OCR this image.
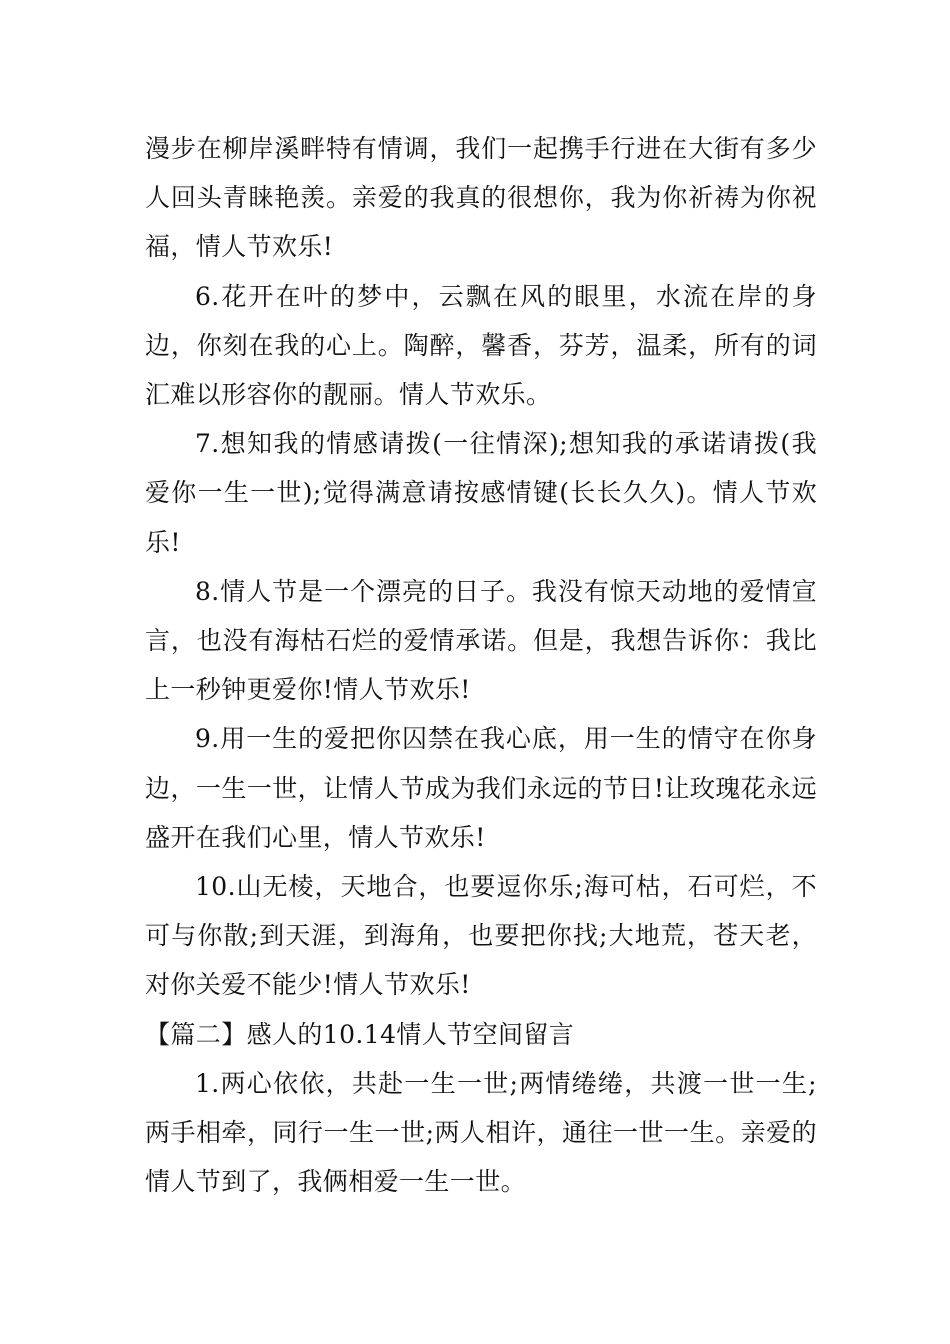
漫步在柳岸溪畔特有情调，我们一起携手行进在大街有多少人回头青睐艳羡。亲爱的我真的很想你，我为你祈祷为你祝福，情人节欢乐!

6.花开在叶的梦中，云飘在风的眼里，水流在岸的身边，你刻在我的心上。陶醉，馨香，芬芳，温柔，所有的词汇难以形容你的靓丽。情人节欢乐。

7.想知我的情感请拨(一往情深);想知我的承诺请拨(我爱你一生一世);觉得满意请按感情键(长长久久)。情人节欢乐!

8.情人节是一个漂亮的日子。我没有惊天动地的爱情宣言，也没有海枯石烂的爱情承诺。但是，我想告诉你：我比上一秒钟更爱你!情人节欢乐!

9.用一生的爱把你囚禁在我心底，用一生的情守在你身边，一生一世，让情人节成为我们永远的节日!让玫瑰花永远盛开在我们心里，情人节欢乐!

10.山无棱，天地合，也要逗你乐;海可枯，石可烂，不可与你散;到天涯，到海角，也要把你找;大地荒，苍天老，对你关爱不能少!情人节欢乐!

【篇二】感人的10.14情人节空间留言

1.两心依依，共赴一生一世;两情绻绻，共渡一世一生;两手相牵，同行一生一世;两人相许，通往一世一生。亲爱的情人节到了，我俩相爱一生一世。
